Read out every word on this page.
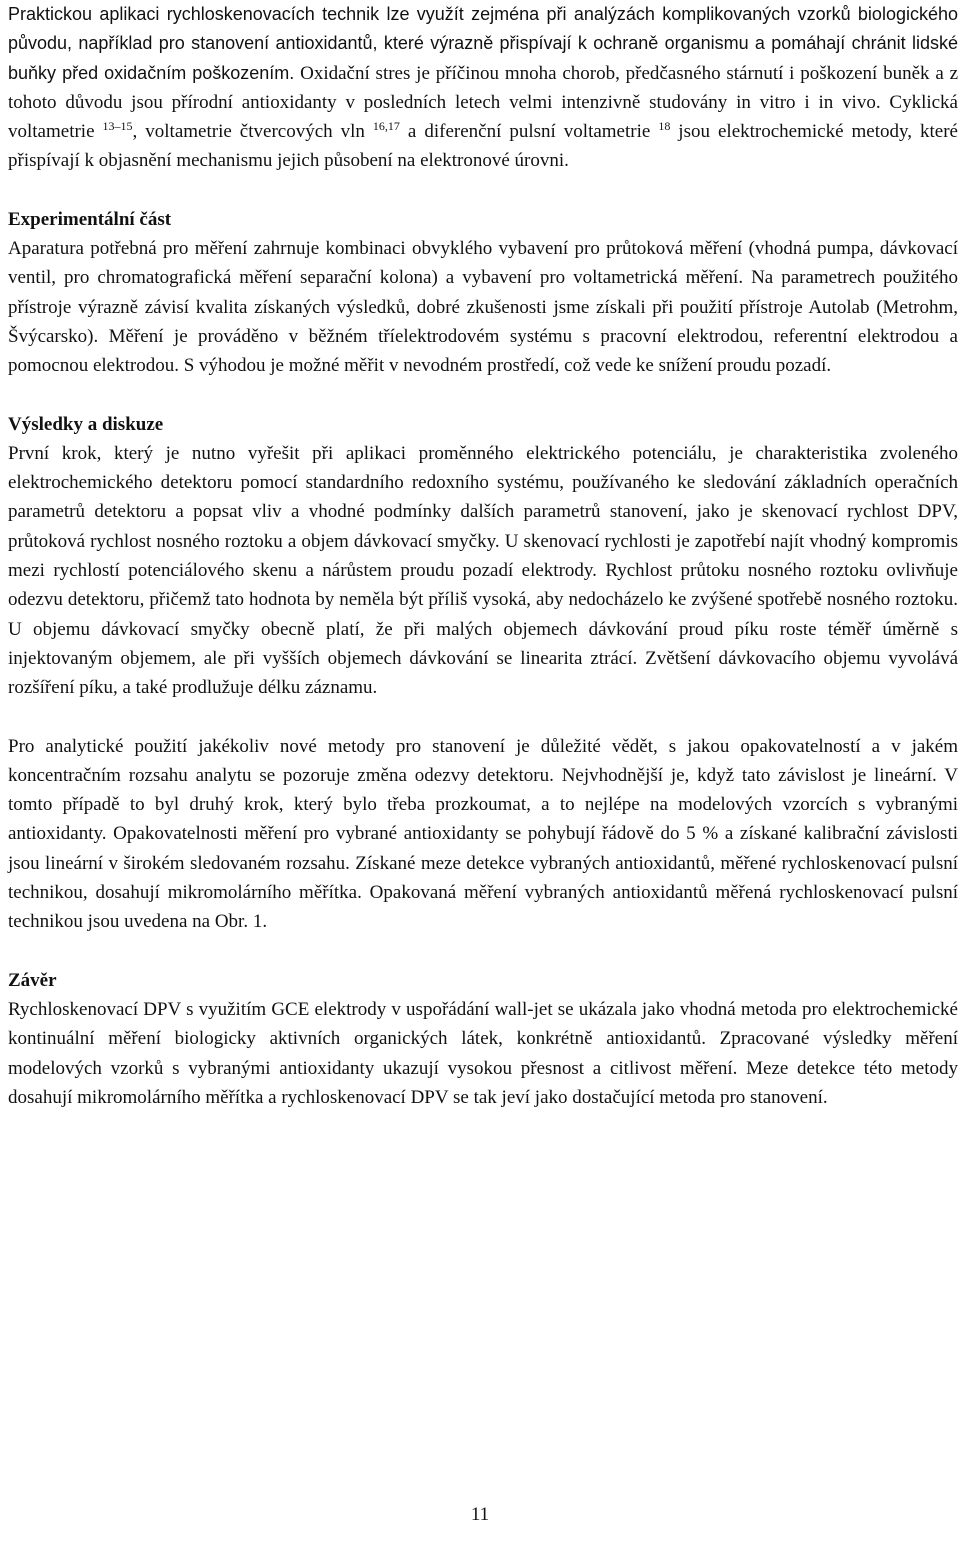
Praktickou aplikaci rychloskenovacích technik lze využít zejména při analýzách komplikovaných vzorků biologického původu, například pro stanovení antioxidantů, které výrazně přispívají k ochraně organismu a pomáhají chránit lidské buňky před oxidačním poškozením. Oxidační stres je příčinou mnoha chorob, předčasného stárnutí i poškození buněk a z tohoto důvodu jsou přírodní antioxidanty v posledních letech velmi intenzivně studovány in vitro i in vivo. Cyklická voltametrie $^{13-15}$, voltametrie čtvercových vln $^{16,17}$ a diferenční pulsní voltametrie $^{18}$ jsou elektrochemické metody, které přispívají k objasnění mechanismu jejich působení na elektronové úrovni.

Experimentální část

Aparatura potřebná pro měření zahrnuje kombinaci obvyklého vybavení pro průtoková měření (vhodná pumpa, dávkovací ventil, pro chromatografická měření separační kolona) a vybavení pro voltametrická měření. Na parametrech použitého přístroje výrazně závisí kvalita získaných výsledků, dobré zkušenosti jsme získali při použití přístroje Autolab (Metrohm, Švýcarsko). Měření je prováděno v běžném tříelektrodovém systému s pracovní elektrodou, referentní elektrodou a pomocnou elektrodou. S výhodou je možné měřit v nevodném prostředí, což vede ke snížení proudu pozadí.

Výsledky a diskuze

První krok, který je nutno vyřešit při aplikaci proměnného elektrického potenciálu, je charakteristika zvoleného elektrochemického detektoru pomocí standardního redoxního systému, používaného ke sledování základních operačních parametrů detektoru a popsat vliv a vhodné podmínky dalších parametrů stanovení, jako je skenovací rychlost DPV, průtoková rychlost nosného roztoku a objem dávkovací smyčky. U skenovací rychlosti je zapotřebí najít vhodný kompromis mezi rychlostí potenciálového skenu a nárůstem proudu pozadí elektrody. Rychlost průtoku nosného roztoku ovlivňuje odezvu detektoru, přičemž tato hodnota by neměla být příliš vysoká, aby nedocházelo ke zvýšené spotřebě nosného roztoku. U objemu dávkovací smyčky obecně platí, že při malých objemech dávkování proud píku roste téměř úměrně s injektovaným objemem, ale při vyšších objemech dávkování se linearita ztrácí. Zvětšení dávkovacího objemu vyvolává rozšíření píku, a také prodlužuje délku záznamu.

Pro analytické použití jakékoliv nové metody pro stanovení je důležité vědět, s jakou opakovatelností a v jakém koncentračním rozsahu analytu se pozoruje změna odezvy detektoru. Nejvhodnější je, když tato závislost je lineární. V tomto případě to byl druhý krok, který bylo třeba prozkoumat, a to nejlépe na modelových vzorcích s vybranými antioxidanty. Opakovatelnosti měření pro vybrané antioxidanty se pohybují řádově do 5 % a získané kalibrační závislosti jsou lineární v širokém sledovaném rozsahu. Získané meze detekce vybraných antioxidantů, měřené rychloskenovací pulsní technikou, dosahují mikromolárního měřítka. Opakovaná měření vybraných antioxidantů měřená rychloskenovací pulsní technikou jsou uvedena na Obr. 1.

Závěr

Rychloskenovací DPV s využitím GCE elektrody v uspořádání wall-jet se ukázala jako vhodná metoda pro elektrochemické kontinuální měření biologicky aktivních organických látek, konkrétně antioxidantů. Zpracované výsledky měření modelových vzorků s vybranými antioxidanty ukazují vysokou přesnost a citlivost měření. Meze detekce této metody dosahují mikromolárního měřítka a rychloskenovací DPV se tak jeví jako dostačující metoda pro stanovení.

11
